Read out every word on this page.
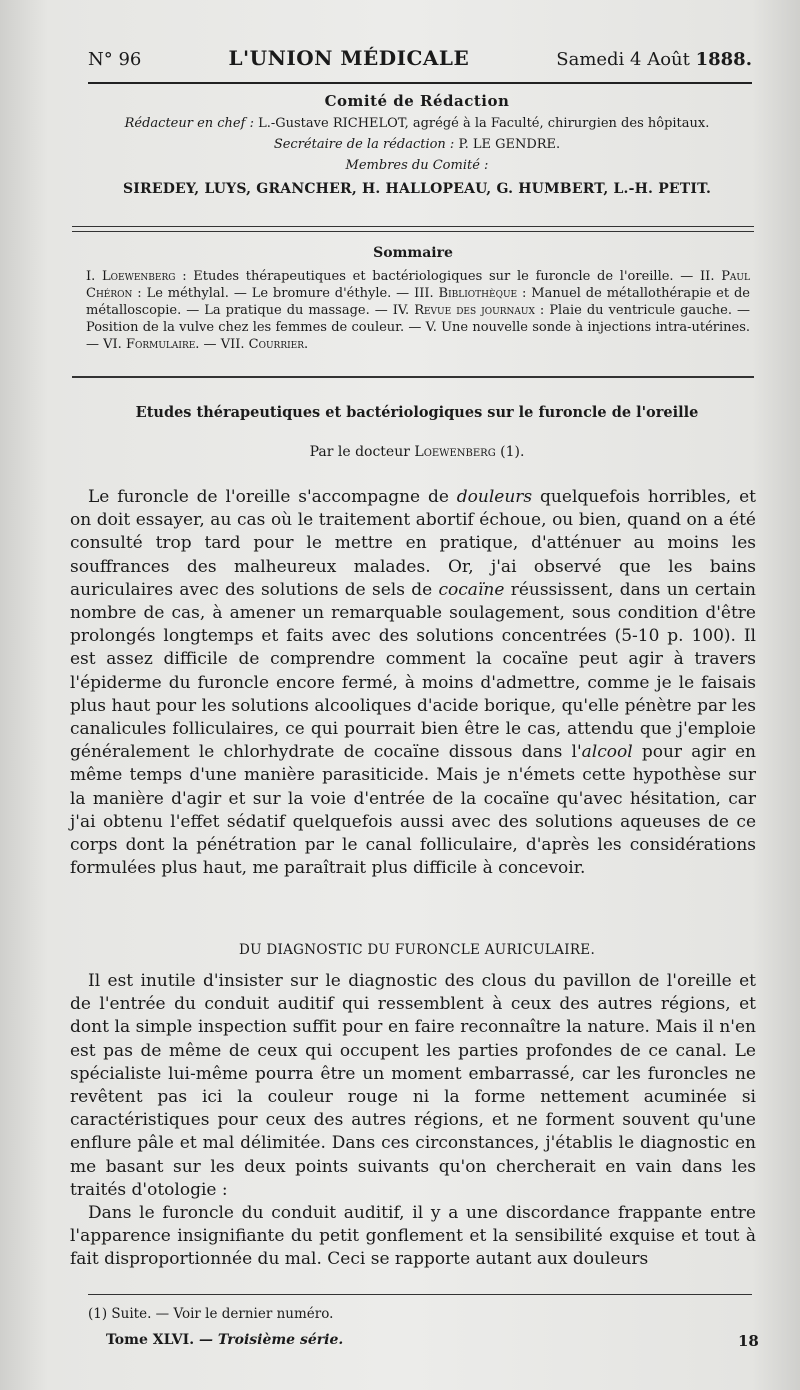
N° 96	L'UNION MÉDICALE	Samedi 4 Août 1888.
Comité de Rédaction
Rédacteur en chef : L.-Gustave RICHELOT, agrégé à la Faculté, chirurgien des hôpitaux.
Secrétaire de la rédaction : P. LE GENDRE.
Membres du Comité :
SIREDEY, LUYS, GRANCHER, H. HALLOPEAU, G. HUMBERT, L.-H. PETIT.
Sommaire
I. Loewenberg : Etudes thérapeutiques et bactériologiques sur le furoncle de l'oreille. — II. Paul Chéron : Le méthylal. — Le bromure d'éthyle. — III. Bibliothèque : Manuel de métallothérapie et de métalloscopie. — La pratique du massage. — IV. Revue des journaux : Plaie du ventricule gauche. — Position de la vulve chez les femmes de couleur. — V. Une nouvelle sonde à injections intra-utérines. — VI. Formulaire. — VII. Courrier.
Etudes thérapeutiques et bactériologiques sur le furoncle de l'oreille
Par le docteur Loewenberg (1).

Le furoncle de l'oreille s'accompagne de douleurs quelquefois horribles, et on doit essayer, au cas où le traitement abortif échoue, ou bien, quand on a été consulté trop tard pour le mettre en pratique, d'atténuer au moins les souffrances des malheureux malades. Or, j'ai observé que les bains auriculaires avec des solutions de sels de cocaïne réussissent, dans un certain nombre de cas, à amener un remarquable soulagement, sous condition d'être prolongés longtemps et faits avec des solutions concentrées (5-10 p. 100). Il est assez difficile de comprendre comment la cocaïne peut agir à travers l'épiderme du furoncle encore fermé, à moins d'admettre, comme je le faisais plus haut pour les solutions alcooliques d'acide borique, qu'elle pénètre par les canalicules folliculaires, ce qui pourrait bien être le cas, attendu que j'emploie généralement le chlorhydrate de cocaïne dissous dans l'alcool pour agir en même temps d'une manière parasiticide. Mais je n'émets cette hypothèse sur la manière d'agir et sur la voie d'entrée de la cocaïne qu'avec hésitation, car j'ai obtenu l'effet sédatif quelquefois aussi avec des solutions aqueuses de ce corps dont la pénétration par le canal folliculaire, d'après les considérations formulées plus haut, me paraîtrait plus difficile à concevoir.

DU DIAGNOSTIC DU FURONCLE AURICULAIRE.

Il est inutile d'insister sur le diagnostic des clous du pavillon de l'oreille et de l'entrée du conduit auditif qui ressemblent à ceux des autres régions, et dont la simple inspection suffit pour en faire reconnaître la nature. Mais il n'en est pas de même de ceux qui occupent les parties profondes de ce canal. Le spécialiste lui-même pourra être un moment embarrassé, car les furoncles ne revêtent pas ici la couleur rouge ni la forme nettement acuminée si caractéristiques pour ceux des autres régions, et ne forment souvent qu'une enflure pâle et mal délimitée. Dans ces circonstances, j'établis le diagnostic en me basant sur les deux points suivants qu'on chercherait en vain dans les traités d'otologie :

Dans le furoncle du conduit auditif, il y a une discordance frappante entre l'apparence insignifiante du petit gonflement et la sensibilité exquise et tout à fait disproportionnée du mal. Ceci se rapporte autant aux douleurs

(1) Suite. — Voir le dernier numéro.
Tome XLVI. — Troisième série.	18
